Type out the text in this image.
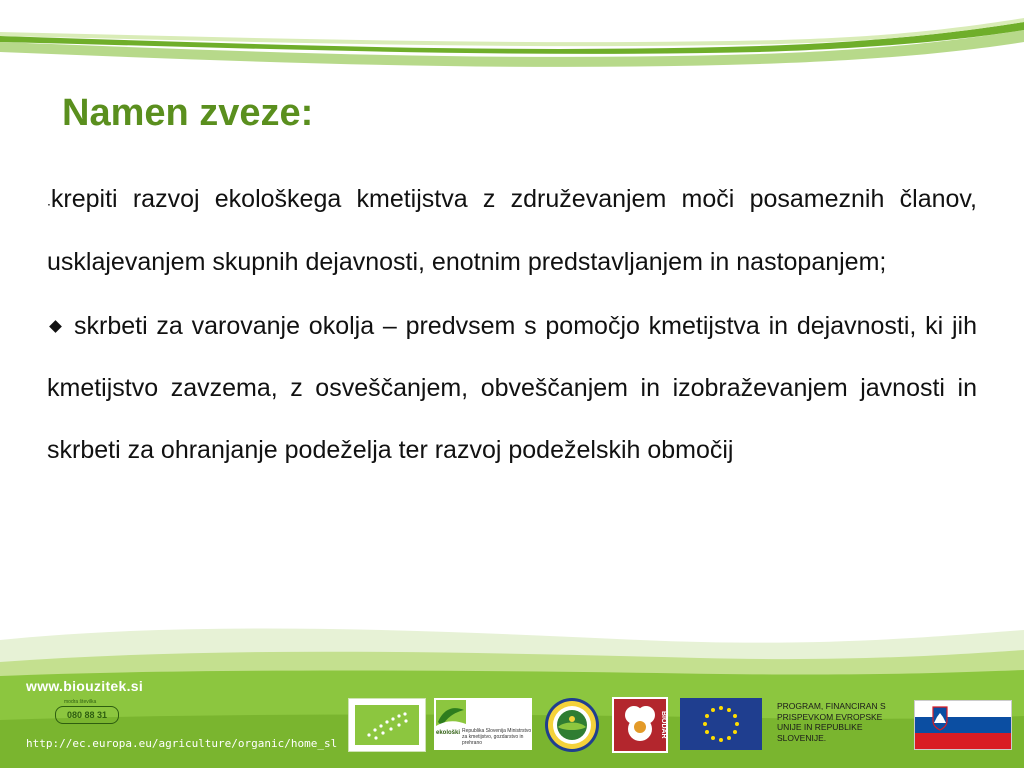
Namen zveze:

.krepiti razvoj ekološkega kmetijstva z združevanjem moči posameznih članov, usklajevanjem skupnih dejavnosti, enotnim predstavljanjem in nastopanjem;

skrbeti za varovanje okolja – predvsem s pomočjo kmetijstva in dejavnosti, ki jih kmetijstvo zavzema, z osveščanjem, obveščanjem in izobraževanjem javnosti in skrbeti za ohranjanje podeželja ter razvoj podeželskih območij

www.biouzitek.si
modra številka
080 88 31
http://ec.europa.eu/agriculture/organic/home_sl
ekološki Republika Slovenija Ministrstvo za kmetijstvo, gozdarstvo in prehrano
BIODAR
PROGRAM, FINANCIRAN S PRISPEVKOM EVROPSKE UNIJE IN REPUBLIKE SLOVENIJE.
